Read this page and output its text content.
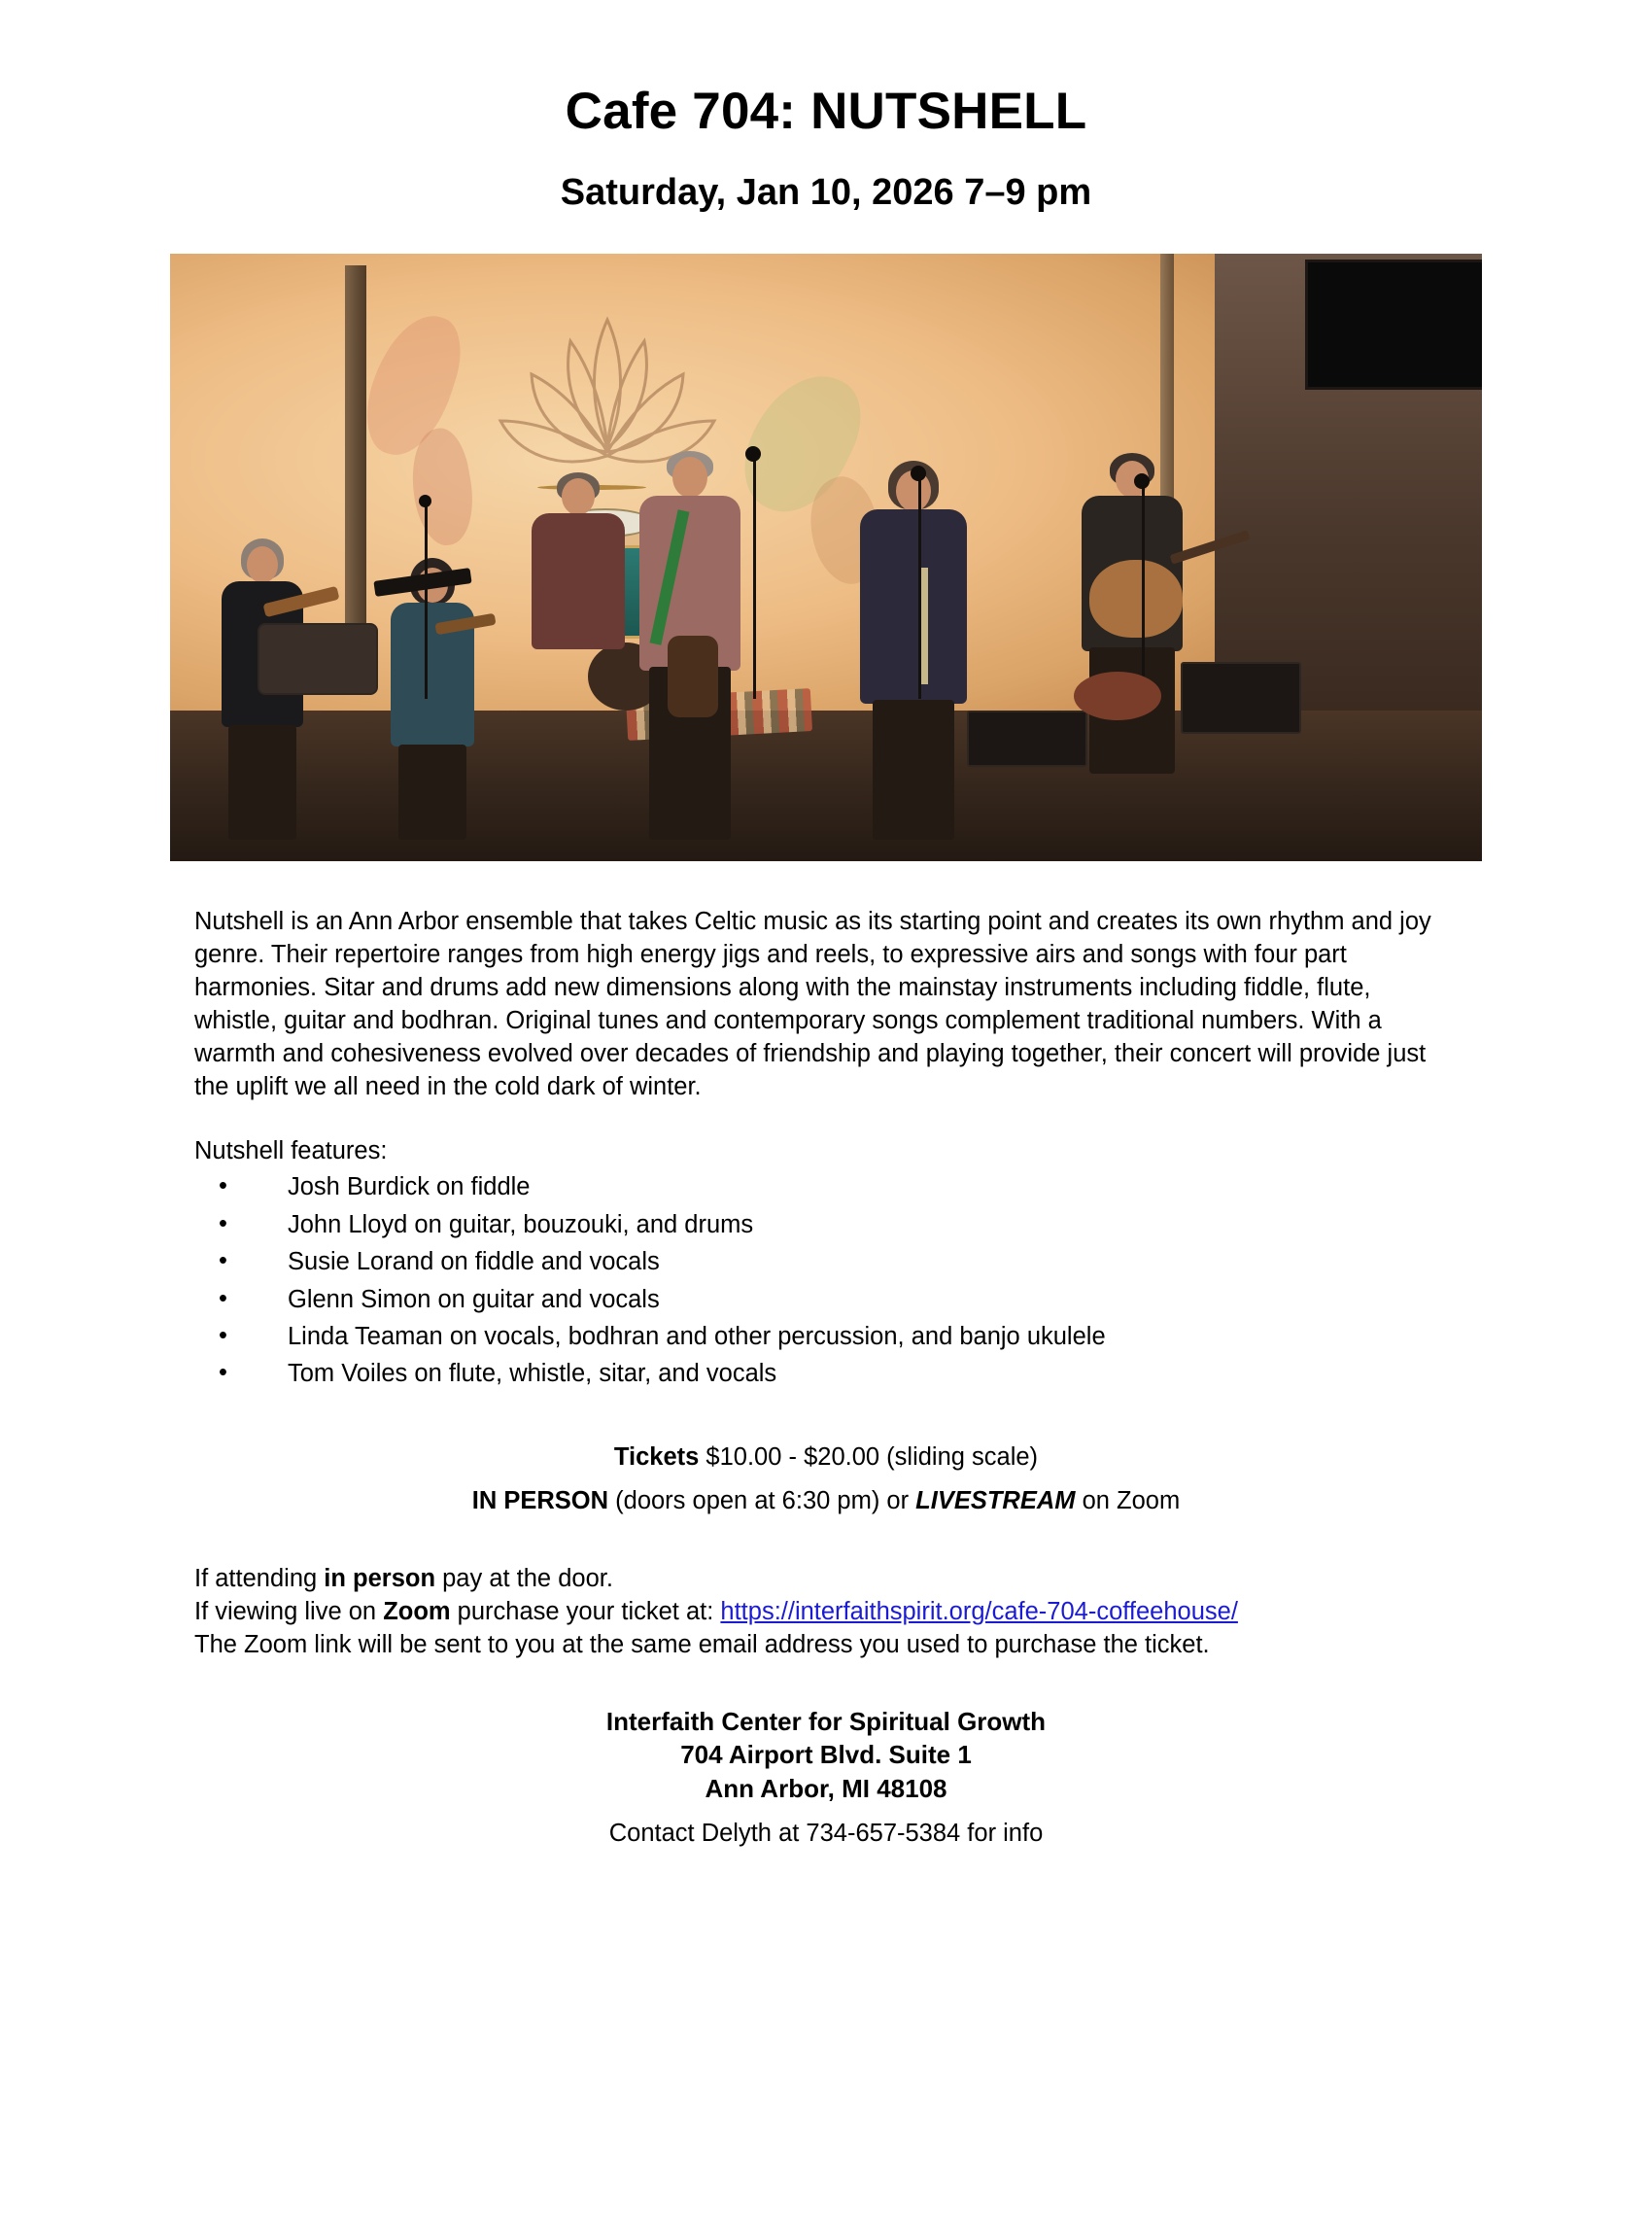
Cafe 704: NUTSHELL
Saturday, Jan 10, 2026 7–9 pm

Nutshell is an Ann Arbor ensemble that takes Celtic music as its starting point and creates its own rhythm and joy genre. Their repertoire ranges from high energy jigs and reels, to expressive airs and songs with four part harmonies. Sitar and drums add new dimensions along with the mainstay instruments including fiddle, flute, whistle, guitar and bodhran. Original tunes and contemporary songs complement traditional numbers. With a warmth and cohesiveness evolved over decades of friendship and playing together, their concert will provide just the uplift we all need in the cold dark of winter.

Nutshell features:

• Josh Burdick on fiddle
• John Lloyd on guitar, bouzouki, and drums
• Susie Lorand on fiddle and vocals
• Glenn Simon on guitar and vocals
• Linda Teaman on vocals, bodhran and other percussion, and banjo ukulele
• Tom Voiles on flute, whistle, sitar, and vocals

Tickets $10.00 - $20.00 (sliding scale)

IN PERSON (doors open at 6:30 pm) or LIVESTREAM on Zoom

If attending in person pay at the door.
If viewing live on Zoom purchase your ticket at: https://interfaithspirit.org/cafe-704-coffeehouse/
The Zoom link will be sent to you at the same email address you used to purchase the ticket.
Interfaith Center for Spiritual Growth
704 Airport Blvd. Suite 1
Ann Arbor, MI 48108

Contact Delyth at 734-657-5384 for info
